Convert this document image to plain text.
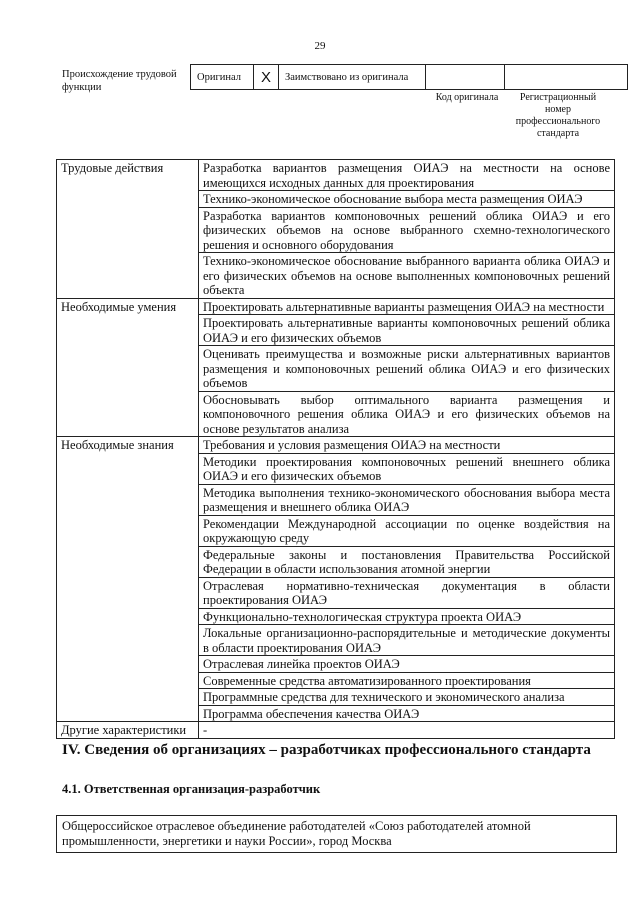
29
Происхождение трудовой функции
Оригинал	X	Заимствовано из оригинала		
Код оригинала	Регистрационный номер профессионального стандарта
Трудовые действия	Разработка вариантов размещения ОИАЭ на местности на основе имеющихся исходных данных для проектирования
	Технико-экономическое обоснование выбора места размещения ОИАЭ
	Разработка вариантов компоновочных решений облика ОИАЭ и его физических объемов на основе выбранного схемно-технологического решения и основного оборудования
	Технико-экономическое обоснование выбранного варианта облика ОИАЭ и его физических объемов на основе выполненных компоновочных решений объекта
Необходимые умения	Проектировать альтернативные варианты размещения ОИАЭ на местности
	Проектировать альтернативные варианты компоновочных решений облика ОИАЭ и его физических объемов
	Оценивать преимущества и возможные риски альтернативных вариантов размещения и компоновочных решений облика ОИАЭ и его физических объемов
	Обосновывать выбор оптимального варианта размещения и компоновочного решения облика ОИАЭ и его физических объемов на основе результатов анализа
Необходимые знания	Требования и условия размещения ОИАЭ на местности
	Методики проектирования компоновочных решений внешнего облика ОИАЭ и его физических объемов
	Методика выполнения технико-экономического обоснования выбора места размещения и внешнего облика ОИАЭ
	Рекомендации Международной ассоциации по оценке воздействия на окружающую среду
	Федеральные законы и постановления Правительства Российской Федерации в области использования атомной энергии
	Отраслевая нормативно-техническая документация в области проектирования ОИАЭ
	Функционально-технологическая структура проекта ОИАЭ
	Локальные организационно-распорядительные и методические документы в области проектирования ОИАЭ
	Отраслевая линейка проектов ОИАЭ
	Современные средства автоматизированного проектирования
	Программные средства для технического и экономического анализа
	Программа обеспечения качества ОИАЭ
Другие характеристики	-
IV. Сведения об организациях – разработчиках профессионального стандарта
4.1. Ответственная организация-разработчик
Общероссийское отраслевое объединение работодателей «Союз работодателей атомной промышленности, энергетики и науки России», город Москва
